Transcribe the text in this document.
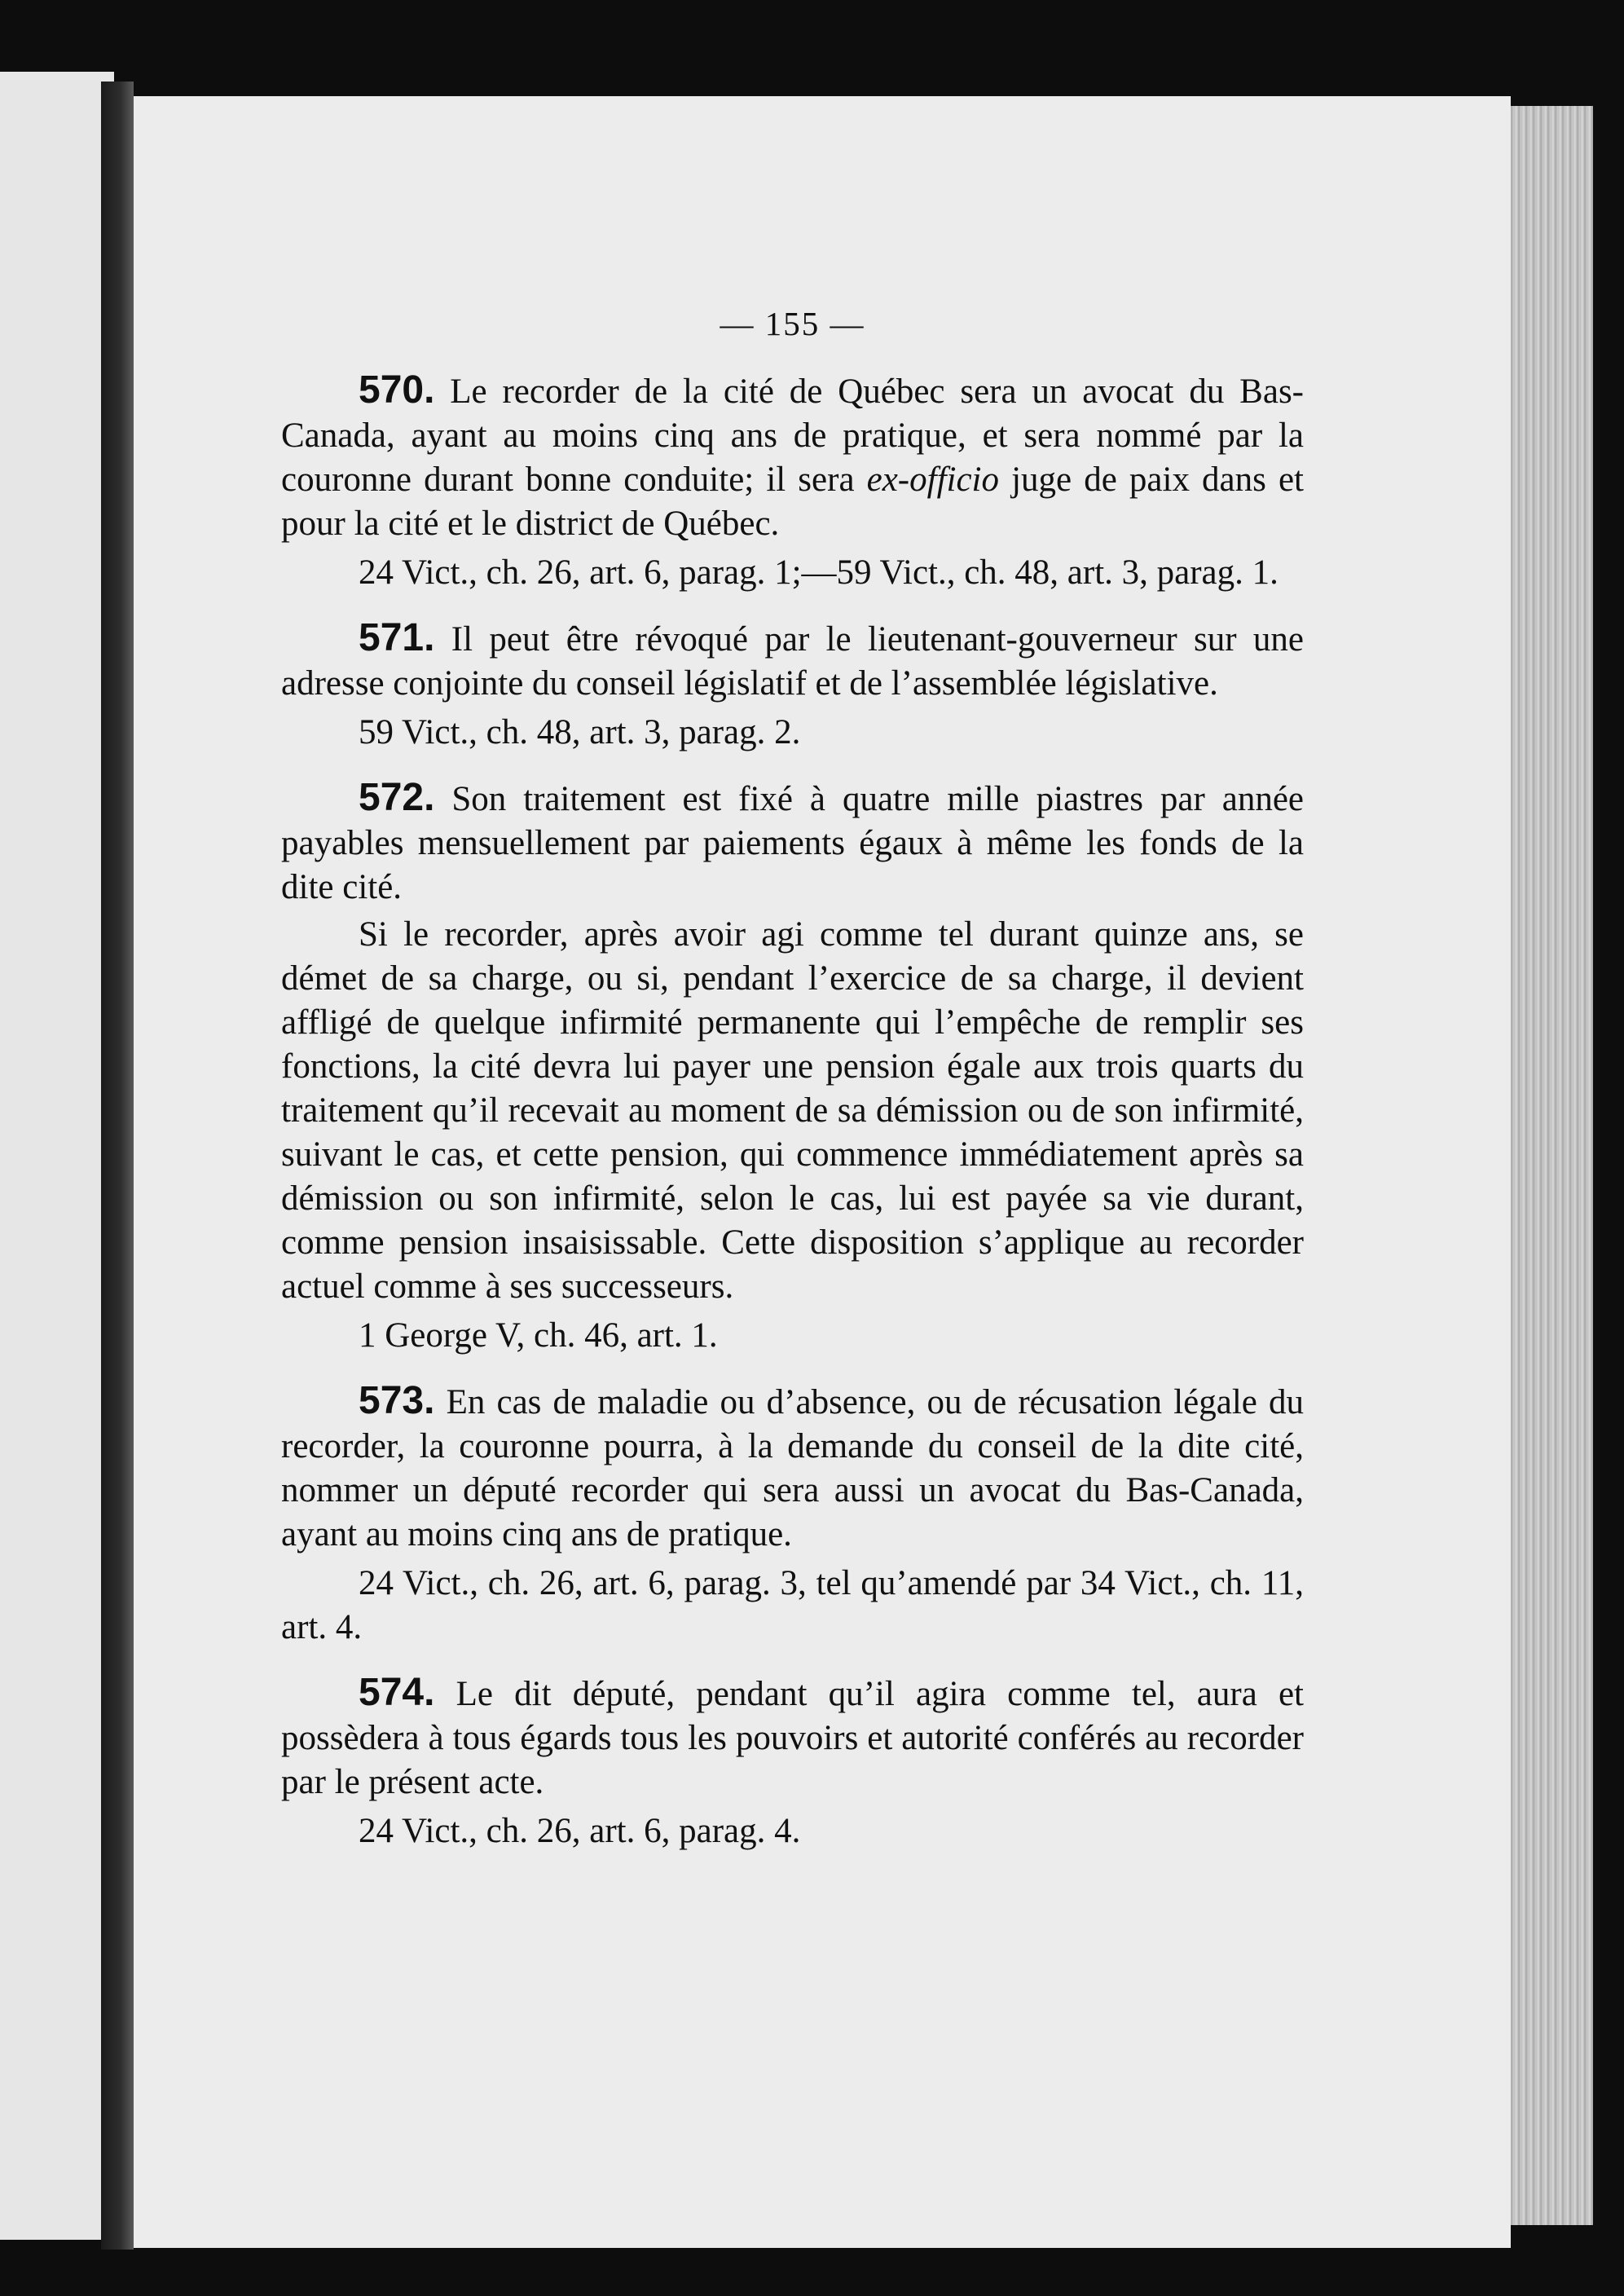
— 155 —

570. Le recorder de la cité de Québec sera un avocat du Bas-Canada, ayant au moins cinq ans de pratique, et sera nommé par la couronne durant bonne conduite; il sera ex-officio juge de paix dans et pour la cité et le district de Québec.

24 Vict., ch. 26, art. 6, parag. 1;—59 Vict., ch. 48, art. 3, parag. 1.

571. Il peut être révoqué par le lieutenant-gouverneur sur une adresse conjointe du conseil législatif et de l’assemblée législative.

59 Vict., ch. 48, art. 3, parag. 2.

572. Son traitement est fixé à quatre mille piastres par année payables mensuellement par paiements égaux à même les fonds de la dite cité.

Si le recorder, après avoir agi comme tel durant quinze ans, se démet de sa charge, ou si, pendant l’exercice de sa charge, il devient affligé de quelque infirmité permanente qui l’empêche de remplir ses fonctions, la cité devra lui payer une pension égale aux trois quarts du traitement qu’il recevait au moment de sa démission ou de son infirmité, suivant le cas, et cette pension, qui commence immédiatement après sa démission ou son infirmité, selon le cas, lui est payée sa vie durant, comme pension insaisissable. Cette disposition s’applique au recorder actuel comme à ses successeurs.

1 George V, ch. 46, art. 1.

573. En cas de maladie ou d’absence, ou de récusation légale du recorder, la couronne pourra, à la demande du conseil de la dite cité, nommer un député recorder qui sera aussi un avocat du Bas-Canada, ayant au moins cinq ans de pratique.

24 Vict., ch. 26, art. 6, parag. 3, tel qu’amendé par 34 Vict., ch. 11, art. 4.

574. Le dit député, pendant qu’il agira comme tel, aura et possèdera à tous égards tous les pouvoirs et autorité conférés au recorder par le présent acte.

24 Vict., ch. 26, art. 6, parag. 4.
